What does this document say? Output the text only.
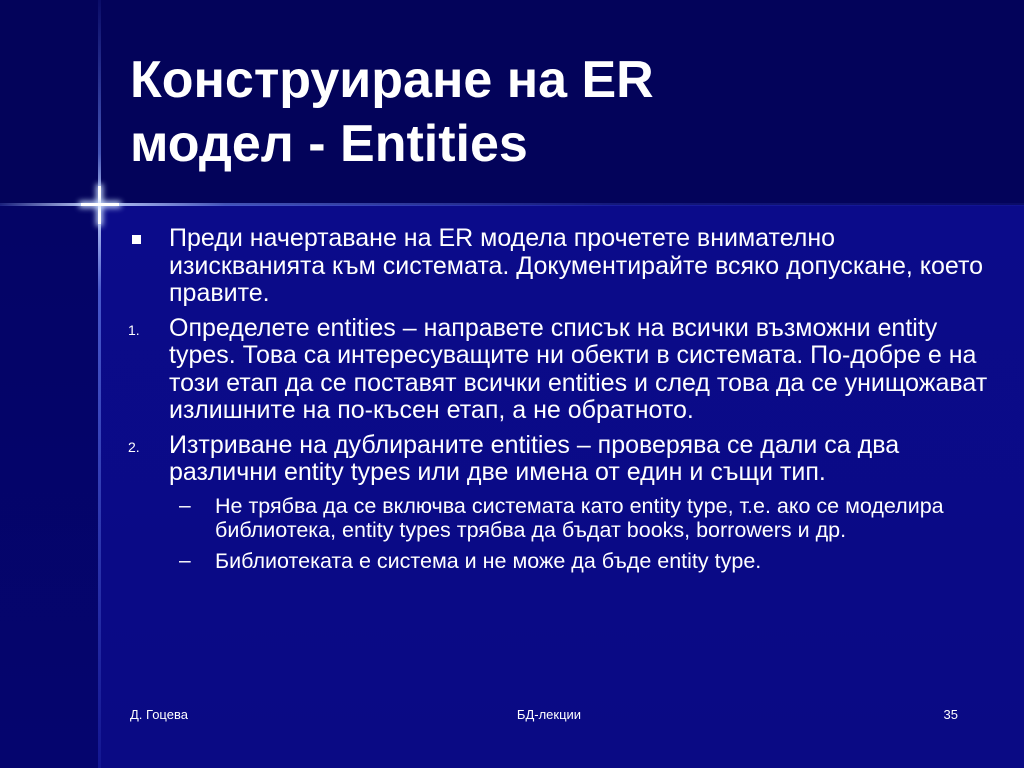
Конструиране на ER
модел - Entities
Преди начертаване на ER модела прочетете внимателно изискванията към системата. Документирайте всяко допускане, което правите.
1. Определете entities – направете списък на всички възможни entity types. Това са интересуващите ни обекти в системата. По-добре е на този етап да се поставят всички entities и след това да се унищожават излишните на по-късен етап, а не обратното.
2. Изтриване на дублираните entities – проверява се дали са два различни entity types или две имена от един и същи тип.
– Не трябва да се включва системата като entity type, т.е. ако се моделира библиотека, entity types трябва да бъдат books, borrowers и др.
– Библиотеката е система и не може да бъде entity type.
Д. Гоцева	БД-лекции	35
